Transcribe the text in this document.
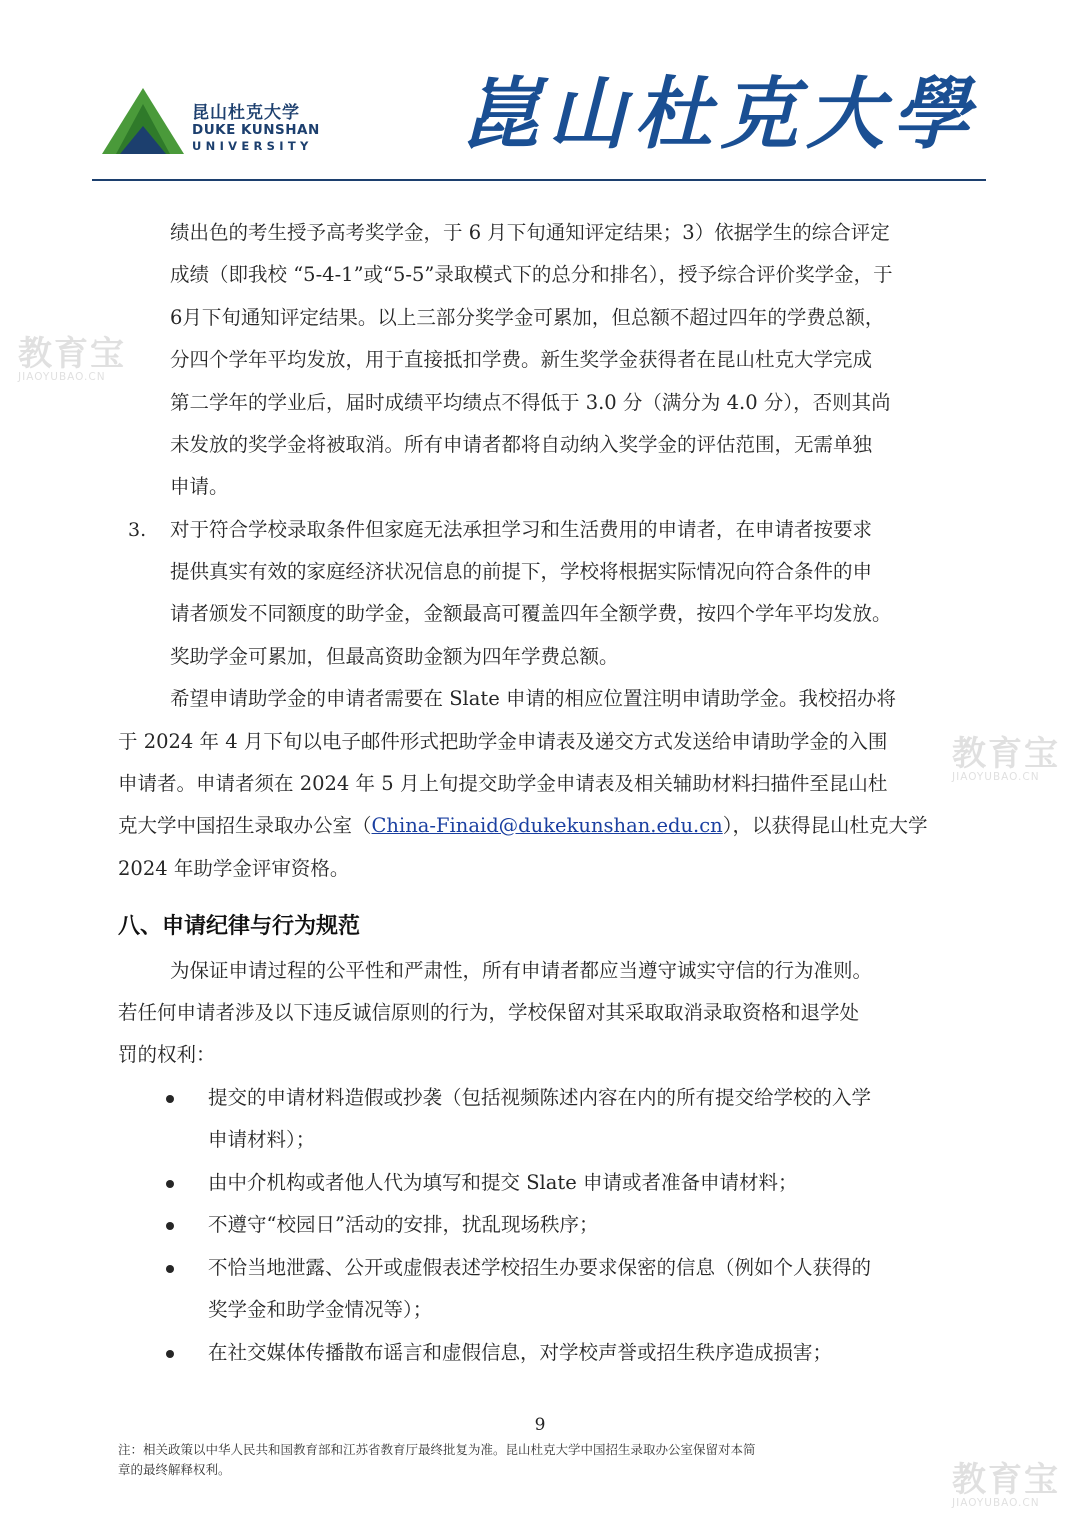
昆山杜克大学
DUKE KUNSHAN
UNIVERSITY 崑山杜克大學
绩出色的考生授予高考奖学金，于 6 月下旬通知评定结果；3）依据学生的综合评定
成绩（即我校 “5-4-1”或“5-5”录取模式下的总分和排名），授予综合评价奖学金，于
6月下旬通知评定结果。以上三部分奖学金可累加，但总额不超过四年的学费总额，
分四个学年平均发放，用于直接抵扣学费。新生奖学金获得者在昆山杜克大学完成
第二学年的学业后，届时成绩平均绩点不得低于 3.0 分（满分为 4.0 分），否则其尚
未发放的奖学金将被取消。所有申请者都将自动纳入奖学金的评估范围，无需单独
申请。
3. 对于符合学校录取条件但家庭无法承担学习和生活费用的申请者，在申请者按要求
提供真实有效的家庭经济状况信息的前提下，学校将根据实际情况向符合条件的申
请者颁发不同额度的助学金，金额最高可覆盖四年全额学费，按四个学年平均发放。
奖助学金可累加，但最高资助金额为四年学费总额。
希望申请助学金的申请者需要在 Slate 申请的相应位置注明申请助学金。我校招办将
于 2024 年 4 月下旬以电子邮件形式把助学金申请表及递交方式发送给申请助学金的入围
申请者。申请者须在 2024 年 5 月上旬提交助学金申请表及相关辅助材料扫描件至昆山杜
克大学中国招生录取办公室（China-Finaid@dukekunshan.edu.cn），以获得昆山杜克大学
2024 年助学金评审资格。
八、申请纪律与行为规范
为保证申请过程的公平性和严肃性，所有申请者都应当遵守诚实守信的行为准则。
若任何申请者涉及以下违反诚信原则的行为，学校保留对其采取取消录取资格和退学处
罚的权利：
提交的申请材料造假或抄袭（包括视频陈述内容在内的所有提交给学校的入学
申请材料）；
由中介机构或者他人代为填写和提交 Slate 申请或者准备申请材料；
不遵守“校园日”活动的安排，扰乱现场秩序；
不恰当地泄露、公开或虚假表述学校招生办要求保密的信息（例如个人获得的
奖学金和助学金情况等）；
在社交媒体传播散布谣言和虚假信息，对学校声誉或招生秩序造成损害；
9
注：相关政策以中华人民共和国教育部和江苏省教育厅最终批复为准。昆山杜克大学中国招生录取办公室保留对本简
章的最终解释权利。
教育宝
JIAOYUBAO.CN
教育宝
JIAOYUBAO.CN
教育宝
JIAOYUBAO.CN
